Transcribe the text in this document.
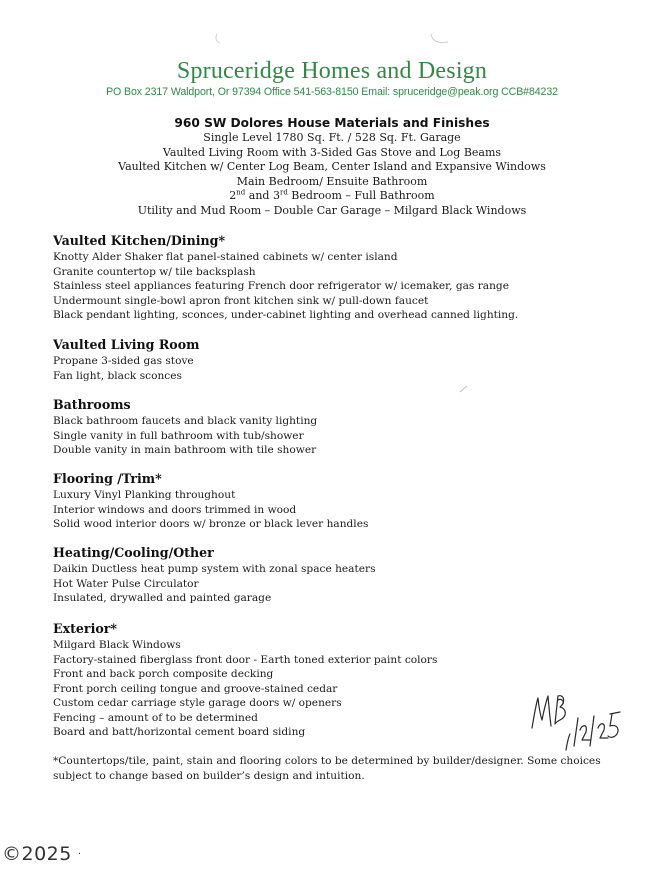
Spruceridge Homes and Design
PO Box 2317 Waldport, Or 97394 Office 541-563-8150 Email: spruceridge@peak.org CCB#84232
960 SW Dolores House Materials and Finishes
Single Level 1780 Sq. Ft. / 528 Sq. Ft. Garage
Vaulted Living Room with 3-Sided Gas Stove and Log Beams
Vaulted Kitchen w/ Center Log Beam, Center Island and Expansive Windows
Main Bedroom/ Ensuite Bathroom
2nd and 3rd Bedroom – Full Bathroom
Utility and Mud Room – Double Car Garage – Milgard Black Windows
Vaulted Kitchen/Dining*
Knotty Alder Shaker flat panel-stained cabinets w/ center island
Granite countertop w/ tile backsplash
Stainless steel appliances featuring French door refrigerator w/ icemaker, gas range
Undermount single-bowl apron front kitchen sink w/ pull-down faucet
Black pendant lighting, sconces, under-cabinet lighting and overhead canned lighting.
Vaulted Living Room
Propane 3-sided gas stove
Fan light, black sconces
Bathrooms
Black bathroom faucets and black vanity lighting
Single vanity in full bathroom with tub/shower
Double vanity in main bathroom with tile shower
Flooring /Trim*
Luxury Vinyl Planking throughout
Interior windows and doors trimmed in wood
Solid wood interior doors w/ bronze or black lever handles
Heating/Cooling/Other
Daikin Ductless heat pump system with zonal space heaters
Hot Water Pulse Circulator
Insulated, drywalled and painted garage
Exterior*
Milgard Black Windows
Factory-stained fiberglass front door - Earth toned exterior paint colors
Front and back porch composite decking
Front porch ceiling tongue and groove-stained cedar
Custom cedar carriage style garage doors w/ openers
Fencing – amount of to be determined
Board and batt/horizontal cement board siding
*Countertops/tile, paint, stain and flooring colors to be determined by builder/designer. Some choices subject to change based on builder’s design and intuition.
©2025 ·
